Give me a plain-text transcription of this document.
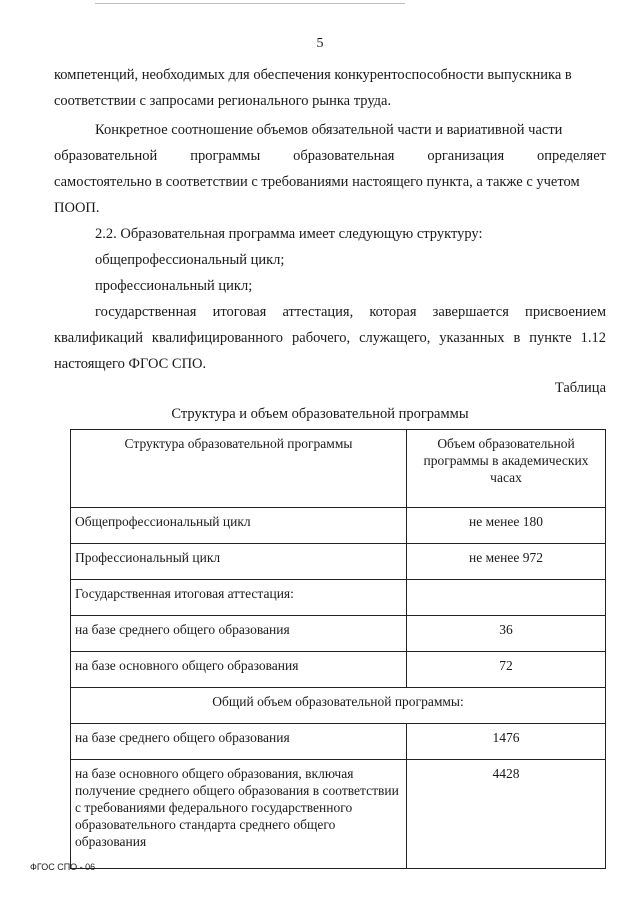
5
компетенций, необходимых для обеспечения конкурентоспособности выпускника в
соответствии с запросами регионального рынка труда.
Конкретное соотношение объемов обязательной части и вариативной части
образовательной программы образовательная организация определяет
самостоятельно в соответствии с требованиями настоящего пункта, а также с учетом
ПООП.
2.2. Образовательная программа имеет следующую структуру:
общепрофессиональный цикл;
профессиональный цикл;
государственная итоговая аттестация, которая завершается присвоением
квалификаций квалифицированного рабочего, служащего, указанных в пункте 1.12
настоящего ФГОС СПО.
Таблица
Структура и объем образовательной программы
Структура образовательной программы	Объем образовательной программы в академических часах
Общепрофессиональный цикл	не менее 180
Профессиональный цикл	не менее 972
Государственная итоговая аттестация:	
на базе среднего общего образования	36
на базе основного общего образования	72
Общий объем образовательной программы:	
на базе среднего общего образования	1476
на базе основного общего образования, включая получение среднего общего образования в соответствии с требованиями федерального государственного образовательного стандарта среднего общего образования	4428
ФГОС СПО - 06
